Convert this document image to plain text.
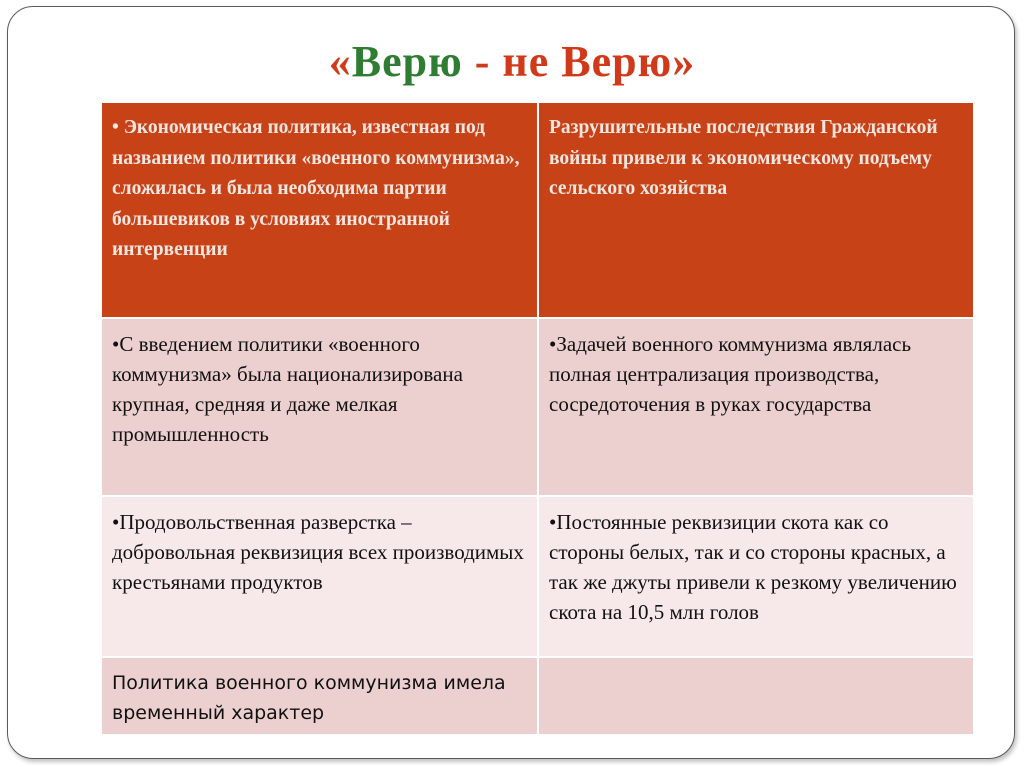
«Верю - не Верю»
• Экономическая политика, известная под названием политики «военного коммунизма», сложилась и была необходима партии большевиков в условиях иностранной интервенции	Разрушительные последствия Гражданской войны привели к экономическому подъему сельского хозяйства
•С введением политики «военного коммунизма» была национализирована крупная, средняя и даже мелкая промышленность	•Задачей военного коммунизма являлась полная централизация производства, сосредоточения в руках государства
•Продовольственная разверстка – добровольная реквизиция всех производимых крестьянами продуктов	•Постоянные реквизиции скота как со стороны белых, так и со стороны красных, а так же джуты привели к резкому увеличению скота на 10,5 млн голов
Политика военного коммунизма имела временный характер	
